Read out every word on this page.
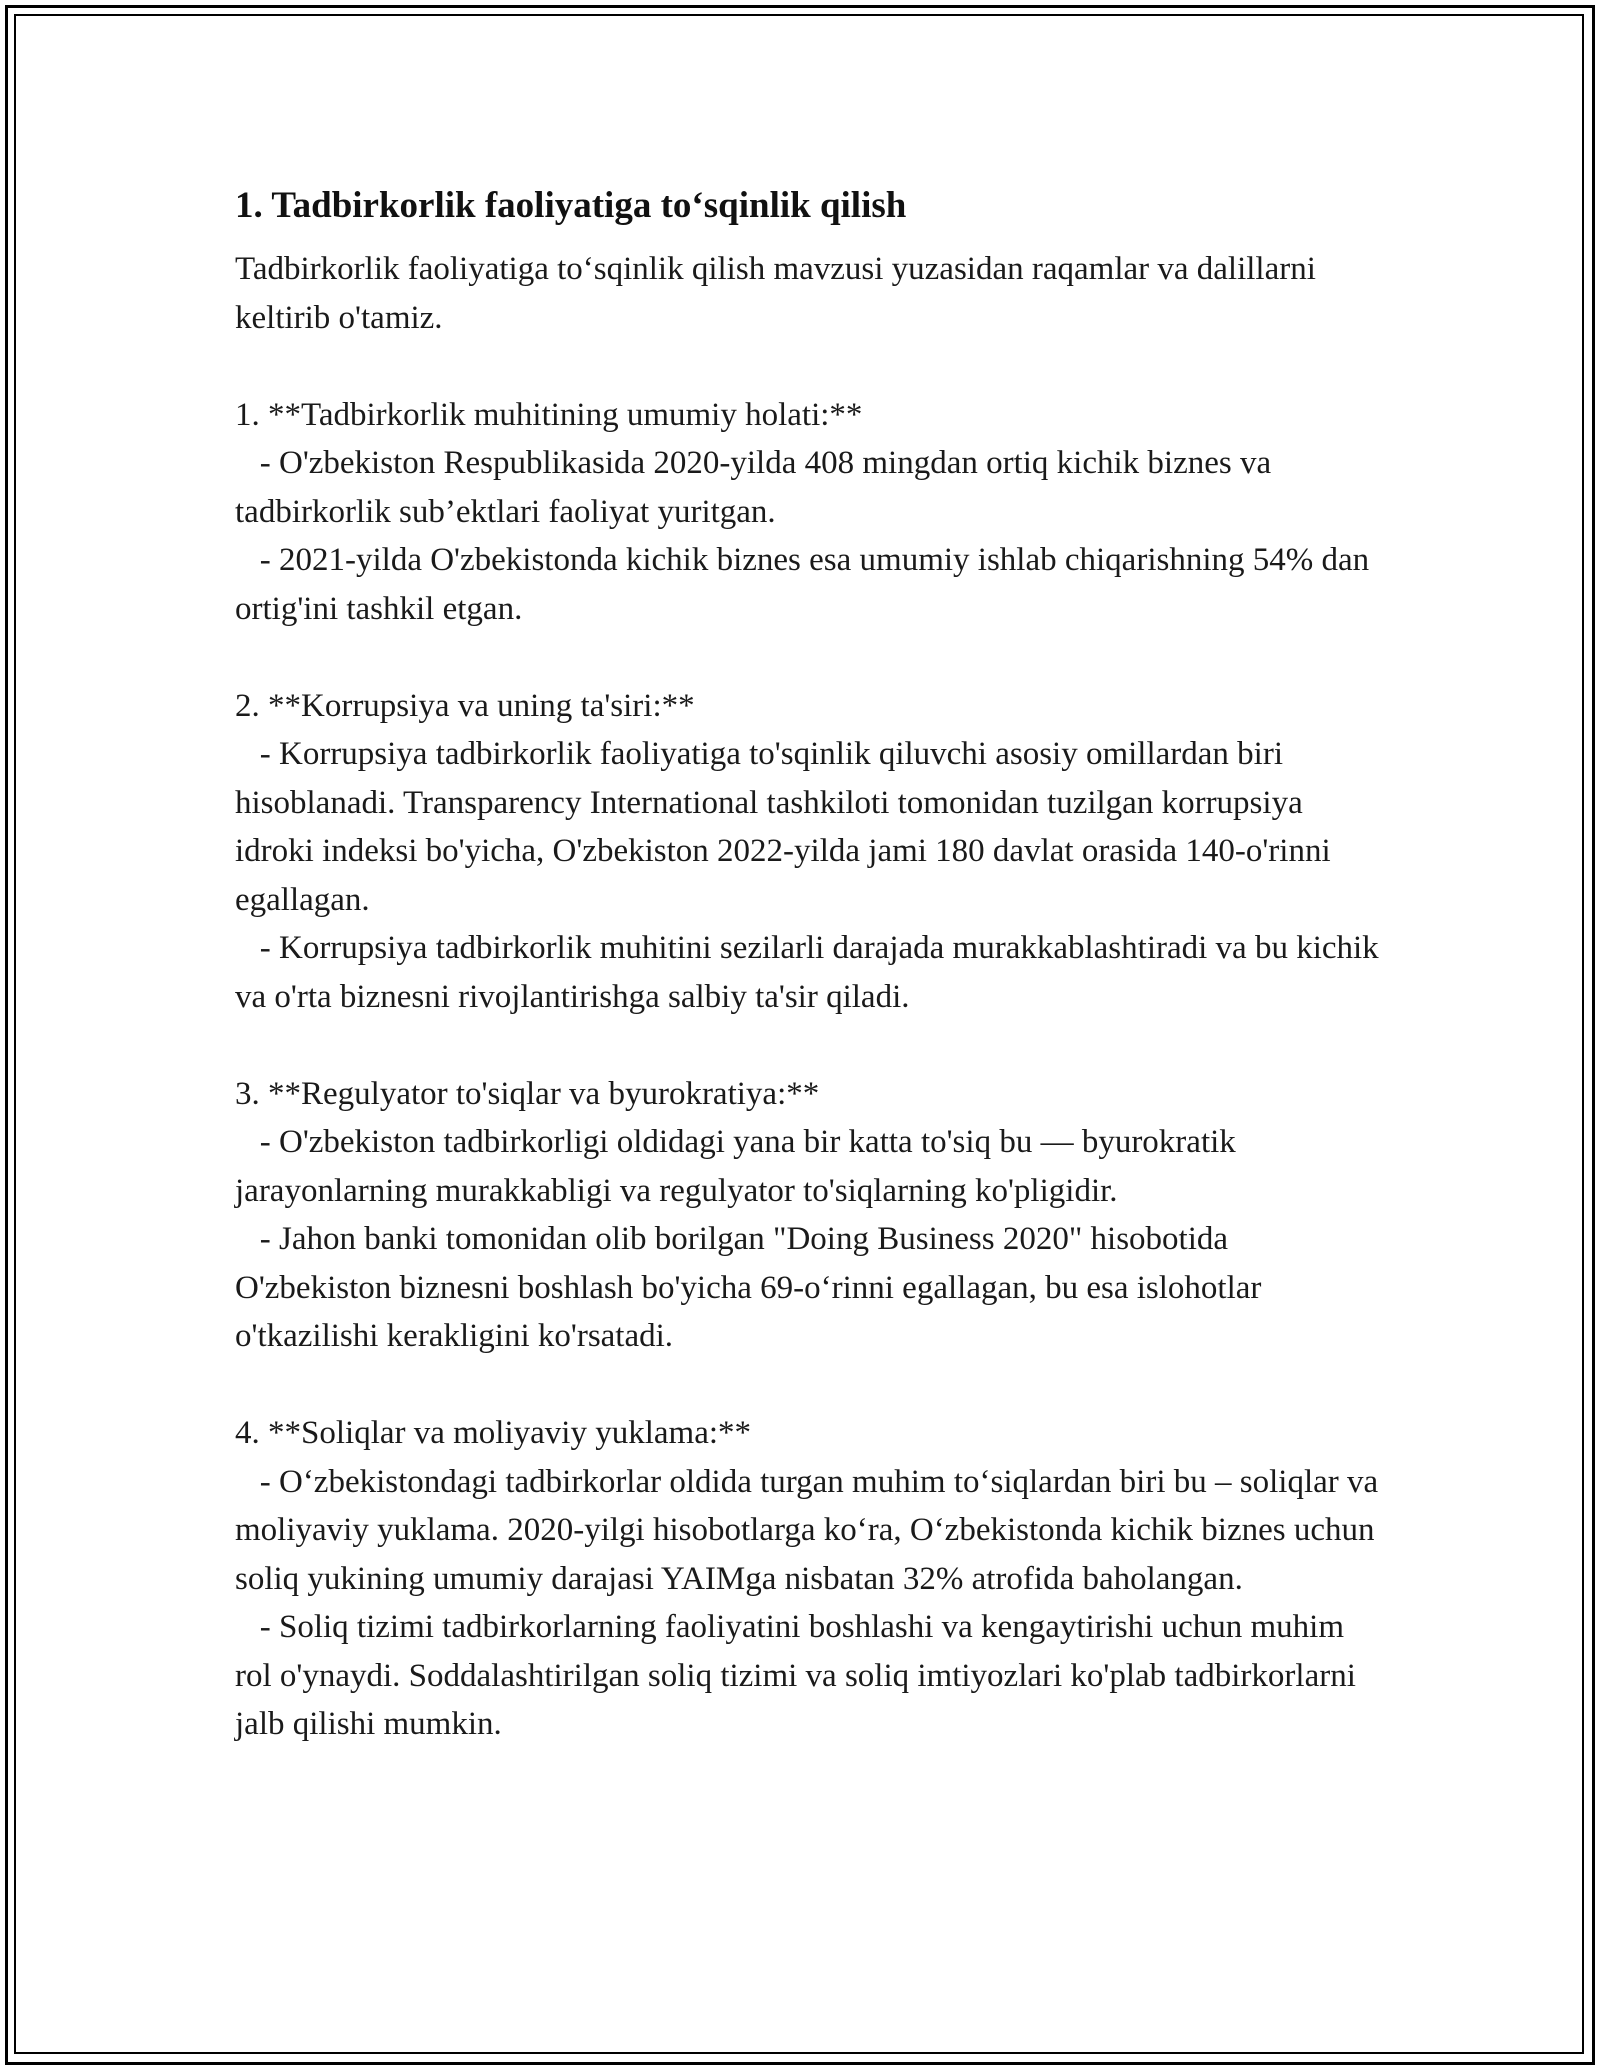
1. Tadbirkorlik faoliyatiga to‘sqinlik qilish

Tadbirkorlik faoliyatiga to‘sqinlik qilish mavzusi yuzasidan raqamlar va dalillarni keltirib o'tamiz.

1. **Tadbirkorlik muhitining umumiy holati:**

- O'zbekiston Respublikasida 2020-yilda 408 mingdan ortiq kichik biznes va tadbirkorlik sub’ektlari faoliyat yuritgan.

- 2021-yilda O'zbekistonda kichik biznes esa umumiy ishlab chiqarishning 54% dan ortig'ini tashkil etgan.

2. **Korrupsiya va uning ta'siri:**

- Korrupsiya tadbirkorlik faoliyatiga to'sqinlik qiluvchi asosiy omillardan biri hisoblanadi. Transparency International tashkiloti tomonidan tuzilgan korrupsiya idroki indeksi bo'yicha, O'zbekiston 2022-yilda jami 180 davlat orasida 140-o'rinni egallagan.

- Korrupsiya tadbirkorlik muhitini sezilarli darajada murakkablashtiradi va bu kichik va o'rta biznesni rivojlantirishga salbiy ta'sir qiladi.

3. **Regulyator to'siqlar va byurokratiya:**

- O'zbekiston tadbirkorligi oldidagi yana bir katta to'siq bu — byurokratik jarayonlarning murakkabligi va regulyator to'siqlarning ko'pligidir.

- Jahon banki tomonidan olib borilgan "Doing Business 2020" hisobotida O'zbekiston biznesni boshlash bo'yicha 69-o‘rinni egallagan, bu esa islohotlar o'tkazilishi kerakligini ko'rsatadi.

4. **Soliqlar va moliyaviy yuklama:**

- O‘zbekistondagi tadbirkorlar oldida turgan muhim to‘siqlardan biri bu – soliqlar va moliyaviy yuklama. 2020-yilgi hisobotlarga ko‘ra, O‘zbekistonda kichik biznes uchun soliq yukining umumiy darajasi YAIMga nisbatan 32% atrofida baholangan.

- Soliq tizimi tadbirkorlarning faoliyatini boshlashi va kengaytirishi uchun muhim rol o'ynaydi. Soddalashtirilgan soliq tizimi va soliq imtiyozlari ko'plab tadbirkorlarni jalb qilishi mumkin.
